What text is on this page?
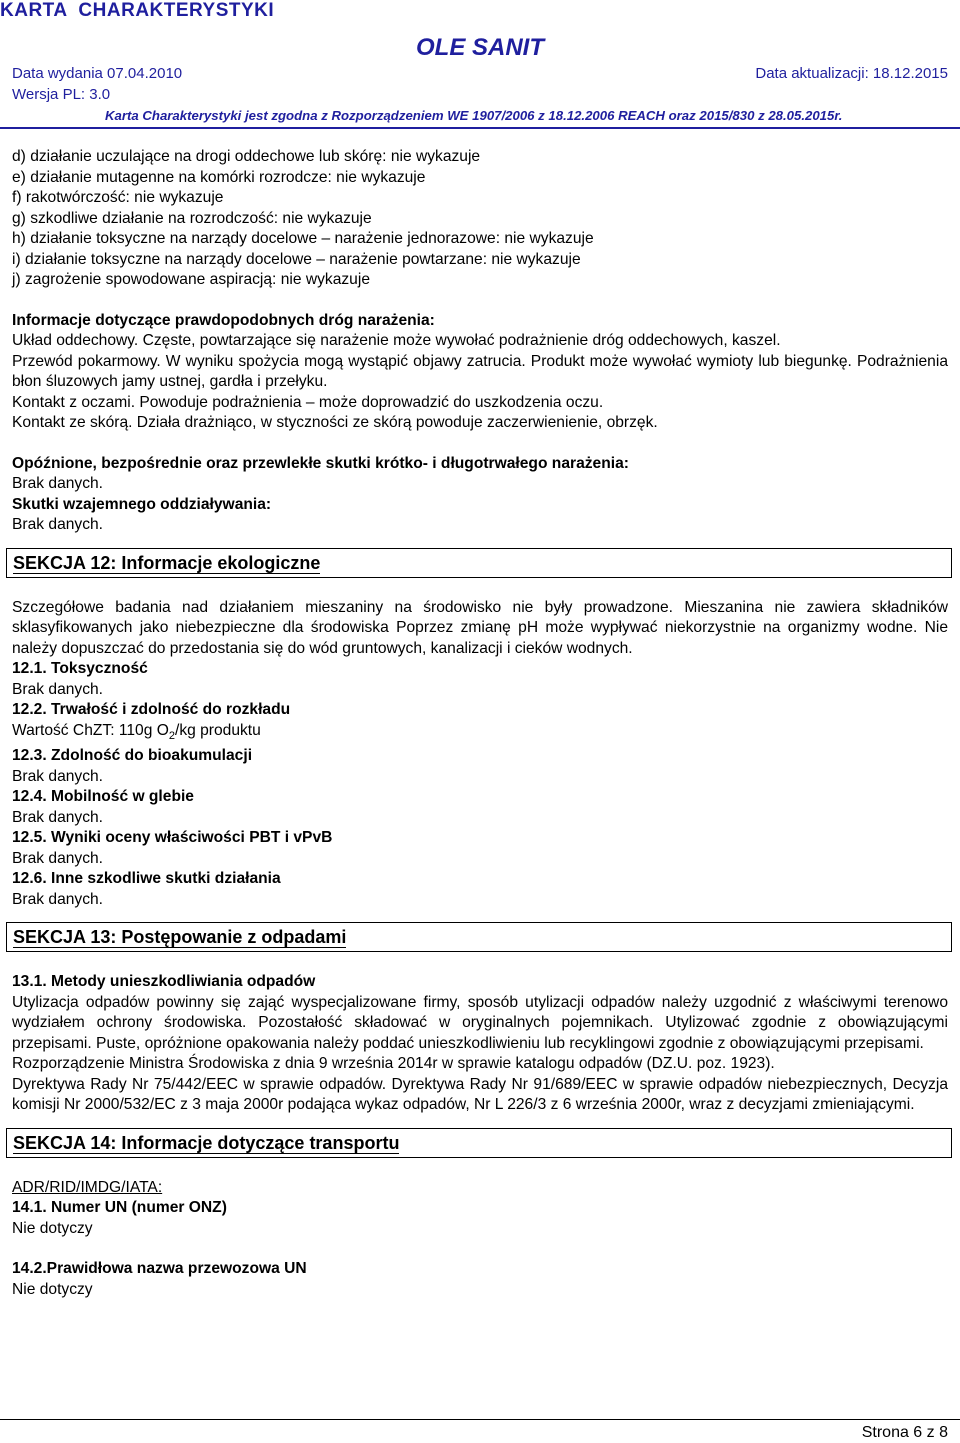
KARTA  CHARAKTERYSTYKI
OLE SANIT
Data wydania 07.04.2010	Data aktualizacji: 18.12.2015
Wersja PL: 3.0
Karta Charakterystyki jest zgodna z Rozporządzeniem WE 1907/2006 z 18.12.2006 REACH oraz 2015/830 z 28.05.2015r.

d) działanie uczulające na drogi oddechowe lub skórę: nie wykazuje

e) działanie mutagenne na komórki rozrodcze: nie wykazuje

f) rakotwórczość: nie wykazuje

g) szkodliwe działanie na rozrodczość: nie wykazuje

h) działanie toksyczne na narządy docelowe – narażenie jednorazowe: nie wykazuje

i) działanie toksyczne na narządy docelowe – narażenie powtarzane: nie wykazuje

j) zagrożenie spowodowane aspiracją: nie wykazuje

Informacje dotyczące prawdopodobnych dróg narażenia:

Układ oddechowy. Częste, powtarzające się narażenie może wywołać podrażnienie dróg oddechowych, kaszel.

Przewód pokarmowy. W wyniku spożycia mogą wystąpić objawy zatrucia. Produkt może wywołać wymioty lub biegunkę. Podrażnienia błon śluzowych jamy ustnej, gardła i przełyku.

Kontakt z oczami. Powoduje podrażnienia – może doprowadzić do uszkodzenia oczu.

Kontakt ze skórą. Działa drażniąco, w styczności ze skórą powoduje zaczerwienienie, obrzęk.

Opóźnione, bezpośrednie oraz przewlekłe skutki krótko- i długotrwałego narażenia:

Brak danych.

Skutki wzajemnego oddziaływania:

Brak danych.

SEKCJA 12: Informacje ekologiczne

Szczegółowe badania nad działaniem mieszaniny na środowisko nie były prowadzone. Mieszanina nie zawiera składników sklasyfikowanych jako niebezpieczne dla środowiska Poprzez zmianę pH może wypływać niekorzystnie na organizmy wodne. Nie należy dopuszczać do przedostania się do wód gruntowych, kanalizacji i cieków wodnych.

12.1. Toksyczność

Brak danych.

12.2. Trwałość i zdolność do rozkładu

Wartość ChZT: 110g $O_2/kg$ produktu

12.3. Zdolność do bioakumulacji

Brak danych.

12.4. Mobilność w glebie

Brak danych.

12.5. Wyniki oceny właściwości PBT i vPvB

Brak danych.

12.6. Inne szkodliwe skutki działania

Brak danych.

SEKCJA 13: Postępowanie z odpadami

13.1. Metody unieszkodliwiania odpadów

Utylizacja odpadów powinny się zająć wyspecjalizowane firmy, sposób utylizacji odpadów należy uzgodnić z właściwymi terenowo wydziałem ochrony środowiska. Pozostałość składować w oryginalnych pojemnikach. Utylizować zgodnie z obowiązującymi przepisami. Puste, opróżnione opakowania należy poddać unieszkodliwieniu lub recyklingowi zgodnie z obowiązującymi przepisami.

Rozporządzenie Ministra Środowiska z dnia 9 września 2014r w sprawie katalogu odpadów (DZ.U. poz. 1923).

Dyrektywa Rady Nr 75/442/EEC w sprawie odpadów. Dyrektywa Rady Nr 91/689/EEC w sprawie odpadów niebezpiecznych, Decyzja komisji Nr 2000/532/EC z 3 maja 2000r podająca wykaz odpadów, Nr L 226/3 z 6 września 2000r, wraz z decyzjami zmieniającymi.

SEKCJA 14: Informacje dotyczące transportu

ADR/RID/IMDG/IATA:

14.1. Numer UN (numer ONZ)

Nie dotyczy

14.2.Prawidłowa nazwa przewozowa UN

Nie dotyczy

Strona 6 z 8
